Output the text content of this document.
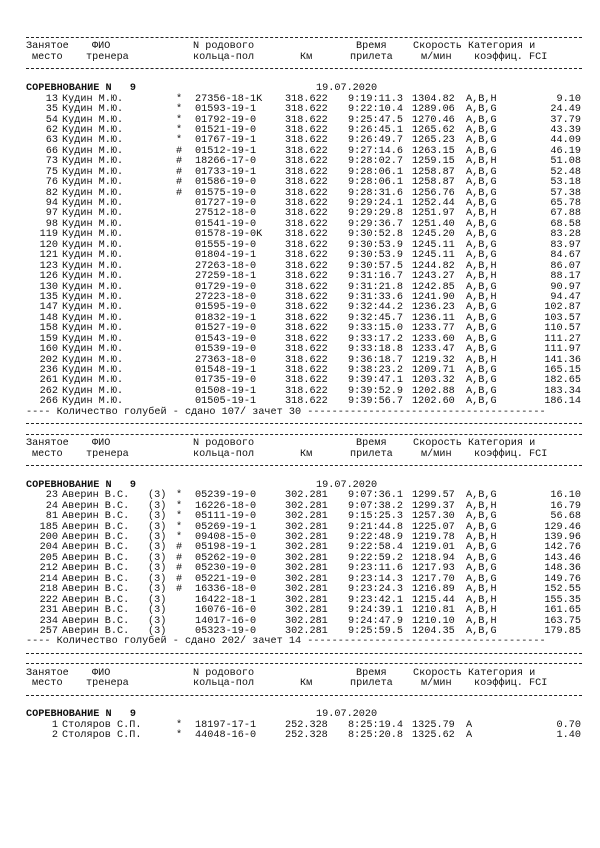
Занятое ФИО	N родового	Время	Скорость Категория и
место тренера	кольца-пол	Км	прилета	м/мин коэффиц. FCI
СОРЕВНОВАНИЕ N   9	19.07.2020
13 Кудин М.Ю.	* 27356-18-1K 318.622 9:19:11.3 1304.82 A,B,H	9.10
35 Кудин М.Ю.	* 01593-19-1	318.622 9:22:10.4 1289.06 A,B,G	24.49
54 Кудин М.Ю.	* 01792-19-0	318.622 9:25:47.5 1270.46 A,B,G	37.79
62 Кудин М.Ю.	* 01521-19-0	318.622 9:26:45.1 1265.62 A,B,G	43.39
63 Кудин М.Ю.	* 01767-19-1	318.622 9:26:49.7 1265.23 A,B,G	44.09
66 Кудин М.Ю.	# 01512-19-1	318.622 9:27:14.6 1263.15 A,B,G	46.19
73 Кудин М.Ю.	# 18266-17-0	318.622 9:28:02.7 1259.15 A,B,H	51.08
75 Кудин М.Ю.	# 01733-19-1	318.622 9:28:06.1 1258.87 A,B,G	52.48
76 Кудин М.Ю.	# 01586-19-0	318.622 9:28:06.1 1258.87 A,B,G	53.18
82 Кудин М.Ю.	# 01575-19-0	318.622 9:28:31.6 1256.76 A,B,G	57.38
94 Кудин М.Ю.	01727-19-0	318.622 9:29:24.1 1252.44 A,B,G	65.78
97 Кудин М.Ю.	27512-18-0	318.622 9:29:29.8 1251.97 A,B,H	67.88
98 Кудин М.Ю.	01541-19-0	318.622 9:29:36.7 1251.40 A,B,G	68.58
119 Кудин М.Ю.	01578-19-0K 318.622 9:30:52.8 1245.20 A,B,G	83.28
120 Кудин М.Ю.	01555-19-0	318.622 9:30:53.9 1245.11 A,B,G	83.97
121 Кудин М.Ю.	01804-19-1	318.622 9:30:53.9 1245.11 A,B,G	84.67
123 Кудин М.Ю.	27263-18-0	318.622 9:30:57.5 1244.82 A,B,H	86.07
126 Кудин М.Ю.	27259-18-1	318.622 9:31:16.7 1243.27 A,B,H	88.17
130 Кудин М.Ю.	01729-19-0	318.622 9:31:21.8 1242.85 A,B,G	90.97
135 Кудин М.Ю.	27223-18-0	318.622 9:31:33.6 1241.90 A,B,H	94.47
147 Кудин М.Ю.	01595-19-0	318.622 9:32:44.2 1236.23 A,B,G	102.87
148 Кудин М.Ю.	01832-19-1	318.622 9:32:45.7 1236.11 A,B,G	103.57
158 Кудин М.Ю.	01527-19-0	318.622 9:33:15.0 1233.77 A,B,G	110.57
159 Кудин М.Ю.	01543-19-0	318.622 9:33:17.2 1233.60 A,B,G	111.27
160 Кудин М.Ю.	01539-19-0	318.622 9:33:18.8 1233.47 A,B,G	111.97
202 Кудин М.Ю.	27363-18-0	318.622 9:36:18.7 1219.32 A,B,H	141.36
236 Кудин М.Ю.	01548-19-1	318.622 9:38:23.2 1209.71 A,B,G	165.15
261 Кудин М.Ю.	01735-19-0	318.622 9:39:47.1 1203.32 A,B,G	182.65
262 Кудин М.Ю.	01508-19-1	318.622 9:39:52.9 1202.88 A,B,G	183.34
266 Кудин М.Ю.	01505-19-1	318.622 9:39:56.7 1202.60 A,B,G	186.14
---- Количество голубей - сдано 107/ зачет 30 ---------------------------------------
Занятое ФИО	N родового	Время	Скорость Категория и
место тренера	кольца-пол	Км	прилета	м/мин коэффиц. FCI
СОРЕВНОВАНИЕ N   9	19.07.2020
23 Аверин В.С. (3) * 05239-19-0	302.281 9:07:36.1 1299.57 A,B,G	16.10
24 Аверин В.С. (3) * 16226-18-0	302.281 9:07:38.2 1299.37 A,B,H	16.79
81 Аверин В.С. (3) * 05111-19-0	302.281 9:15:25.3 1257.30 A,B,G	56.68
185 Аверин В.С. (3) * 05269-19-1	302.281 9:21:44.8 1225.07 A,B,G	129.46
200 Аверин В.С. (3) * 09408-15-0	302.281 9:22:48.9 1219.78 A,B,H	139.96
204 Аверин В.С. (3) # 05198-19-1	302.281 9:22:58.4 1219.01 A,B,G	142.76
205 Аверин В.С. (3) # 05262-19-0	302.281 9:22:59.2 1218.94 A,B,G	143.46
212 Аверин В.С. (3) # 05230-19-0	302.281 9:23:11.6 1217.93 A,B,G	148.36
214 Аверин В.С. (3) # 05221-19-0	302.281 9:23:14.3 1217.70 A,B,G	149.76
218 Аверин В.С. (3) # 16336-18-0	302.281 9:23:24.3 1216.89 A,B,H	152.55
222 Аверин В.С. (3)	16422-18-1	302.281 9:23:42.1 1215.44 A,B,H	155.35
231 Аверин В.С. (3)	16076-16-0	302.281 9:24:39.1 1210.81 A,B,H	161.65
234 Аверин В.С. (3)	14017-16-0	302.281 9:24:47.9 1210.10 A,B,H	163.75
257 Аверин В.С. (3)	05323-19-0	302.281 9:25:59.5 1204.35 A,B,G	179.85
---- Количество голубей - сдано 202/ зачет 14 ---------------------------------------
Занятое ФИО	N родового	Время	Скорость Категория и
место тренера	кольца-пол	Км	прилета	м/мин коэффиц. FCI
СОРЕВНОВАНИЕ N   9	19.07.2020
1 Столяров С.П.	* 18197-17-1	252.328 8:25:19.4 1325.79 A	0.70
2 Столяров С.П.	* 44048-16-0	252.328 8:25:20.8 1325.62 A	1.40
